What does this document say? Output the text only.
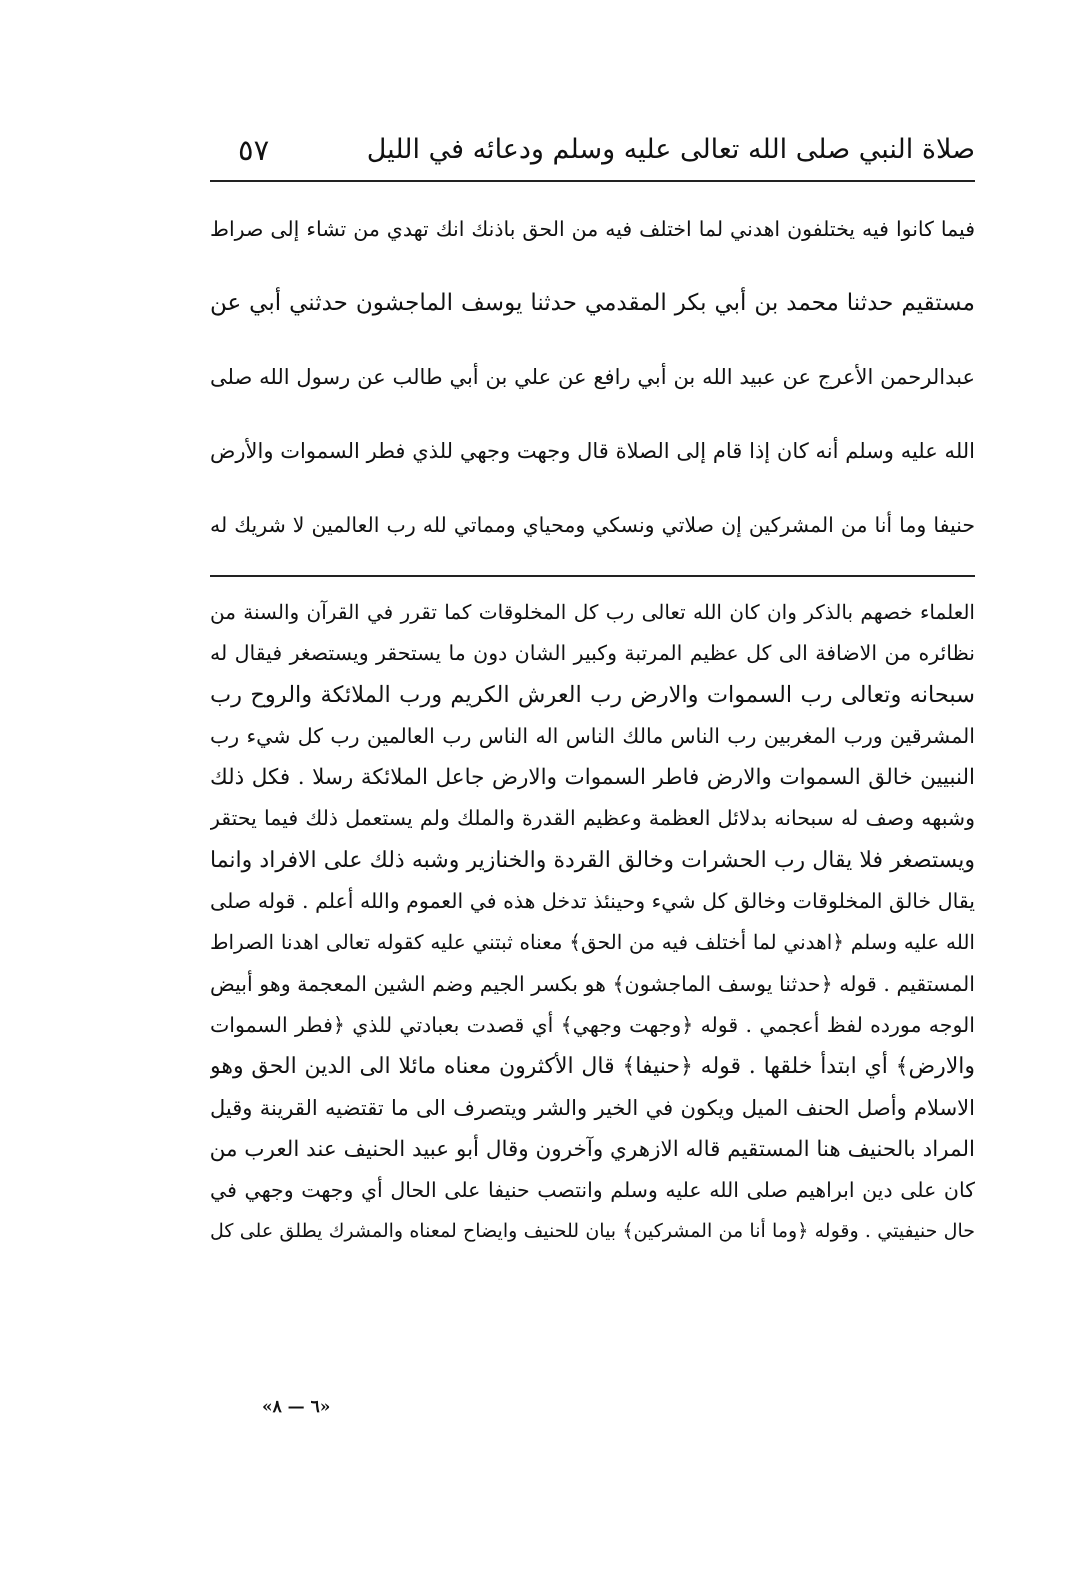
صلاة النبي صلى الله تعالى عليه وسلم ودعائه في الليل
٥٧
فيما كانوا فيه يختلفون اهدني لما اختلف فيه من الحق باذنك انك تهدي من تشاء إلى صراط
مستقيم حدثنا محمد بن أبي بكر المقدمي حدثنا يوسف الماجشون حدثني أبي عن
عبدالرحمن الأعرج عن عبيد الله بن أبي رافع عن علي بن أبي طالب عن رسول الله صلى
الله عليه وسلم أنه كان إذا قام إلى الصلاة قال وجهت وجهي للذي فطر السموات والأرض
حنيفا وما أنا من المشركين إن صلاتي ونسكي ومحياي ومماتي لله رب العالمين لا شريك له
العلماء خصهم بالذكر وان كان الله تعالى رب كل المخلوقات كما تقرر في القرآن والسنة من
نظائره من الاضافة الى كل عظيم المرتبة وكبير الشان دون ما يستحقر ويستصغر فيقال له
سبحانه وتعالى رب السموات والارض رب العرش الكريم ورب الملائكة والروح رب
المشرقين ورب المغربين رب الناس مالك الناس اله الناس رب العالمين رب كل شيء رب
النبيين خالق السموات والارض فاطر السموات والارض جاعل الملائكة رسلا . فكل ذلك
وشبهه وصف له سبحانه بدلائل العظمة وعظيم القدرة والملك ولم يستعمل ذلك فيما يحتقر
ويستصغر فلا يقال رب الحشرات وخالق القردة والخنازير وشبه ذلك على الافراد وانما
يقال خالق المخلوقات وخالق كل شيء وحينئذ تدخل هذه في العموم والله أعلم . قوله صلى
الله عليه وسلم ﴿اهدني لما أختلف فيه من الحق﴾ معناه ثبتني عليه كقوله تعالى اهدنا الصراط
المستقيم . قوله ﴿حدثنا يوسف الماجشون﴾ هو بكسر الجيم وضم الشين المعجمة وهو أبيض
الوجه مورده لفظ أعجمي . قوله ﴿وجهت وجهي﴾ أي قصدت بعبادتي للذي ﴿فطر السموات
والارض﴾ أي ابتدأ خلقها . قوله ﴿حنيفا﴾ قال الأكثرون معناه مائلا الى الدين الحق وهو
الاسلام وأصل الحنف الميل ويكون في الخير والشر ويتصرف الى ما تقتضيه القرينة وقيل
المراد بالحنيف هنا المستقيم قاله الازهري وآخرون وقال أبو عبيد الحنيف عند العرب من
كان على دين ابراهيم صلى الله عليه وسلم وانتصب حنيفا على الحال أي وجهت وجهي في
حال حنيفيتي . وقوله ﴿وما أنا من المشركين﴾ بيان للحنيف وايضاح لمعناه والمشرك يطلق على كل
«٦ — ٨»
